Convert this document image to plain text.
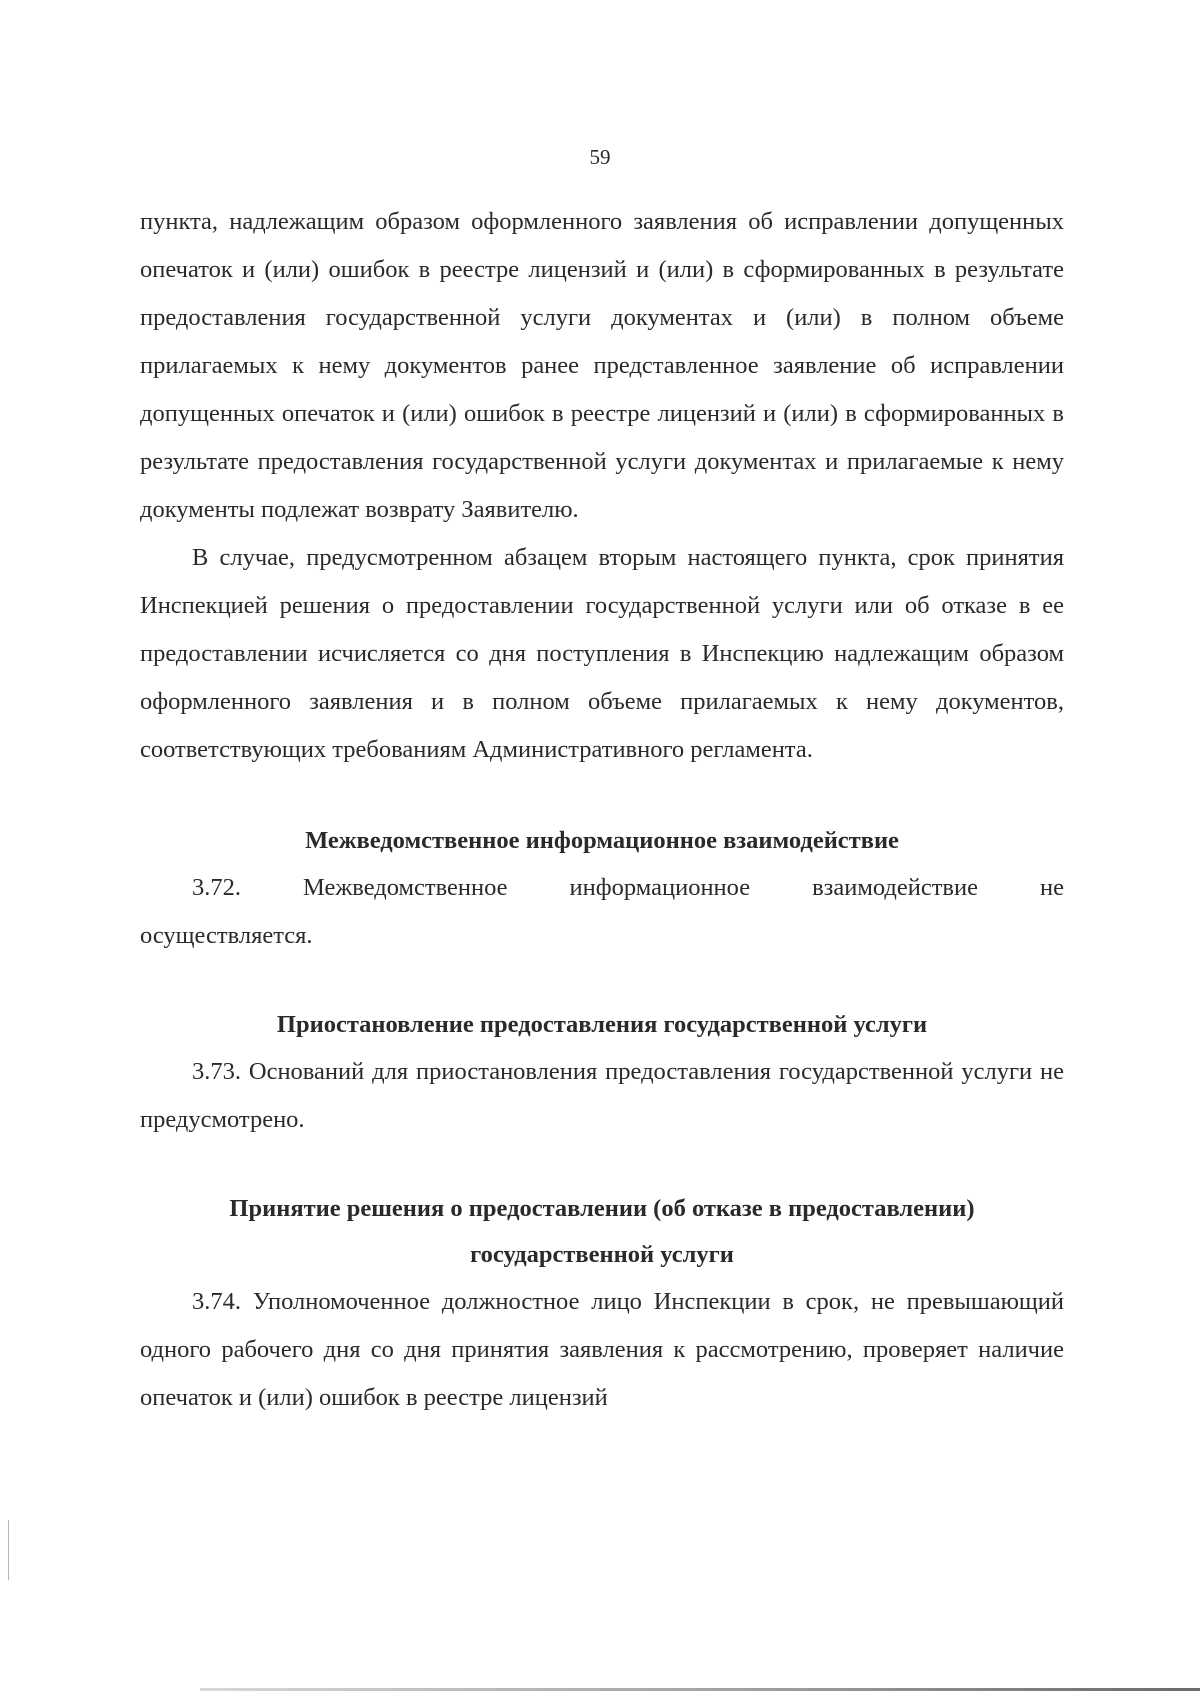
59

пункта, надлежащим образом оформленного заявления об исправлении допущенных опечаток и (или) ошибок в реестре лицензий и (или) в сформированных в результате предоставления государственной услуги документах и (или) в полном объеме прилагаемых к нему документов ранее представленное заявление об исправлении допущенных опечаток и (или) ошибок в реестре лицензий и (или) в сформированных в результате предоставления государственной услуги документах и прилагаемые к нему документы подлежат возврату Заявителю.

В случае, предусмотренном абзацем вторым настоящего пункта, срок принятия Инспекцией решения о предоставлении государственной услуги или об отказе в ее предоставлении исчисляется со дня поступления в Инспекцию надлежащим образом оформленного заявления и в полном объеме прилагаемых к нему документов, соответствующих требованиям Административного регламента.

Межведомственное информационное взаимодействие

3.72.	Межведомственное	информационное	взаимодействие	не

осуществляется.

Приостановление предоставления государственной услуги

3.73. Оснований для приостановления предоставления государственной услуги не предусмотрено.

Принятие решения о предоставлении (об отказе в предоставлении)

государственной услуги

3.74. Уполномоченное должностное лицо Инспекции в срок, не превышающий одного рабочего дня со дня принятия заявления к рассмотрению, проверяет наличие опечаток и (или) ошибок в реестре лицензий
